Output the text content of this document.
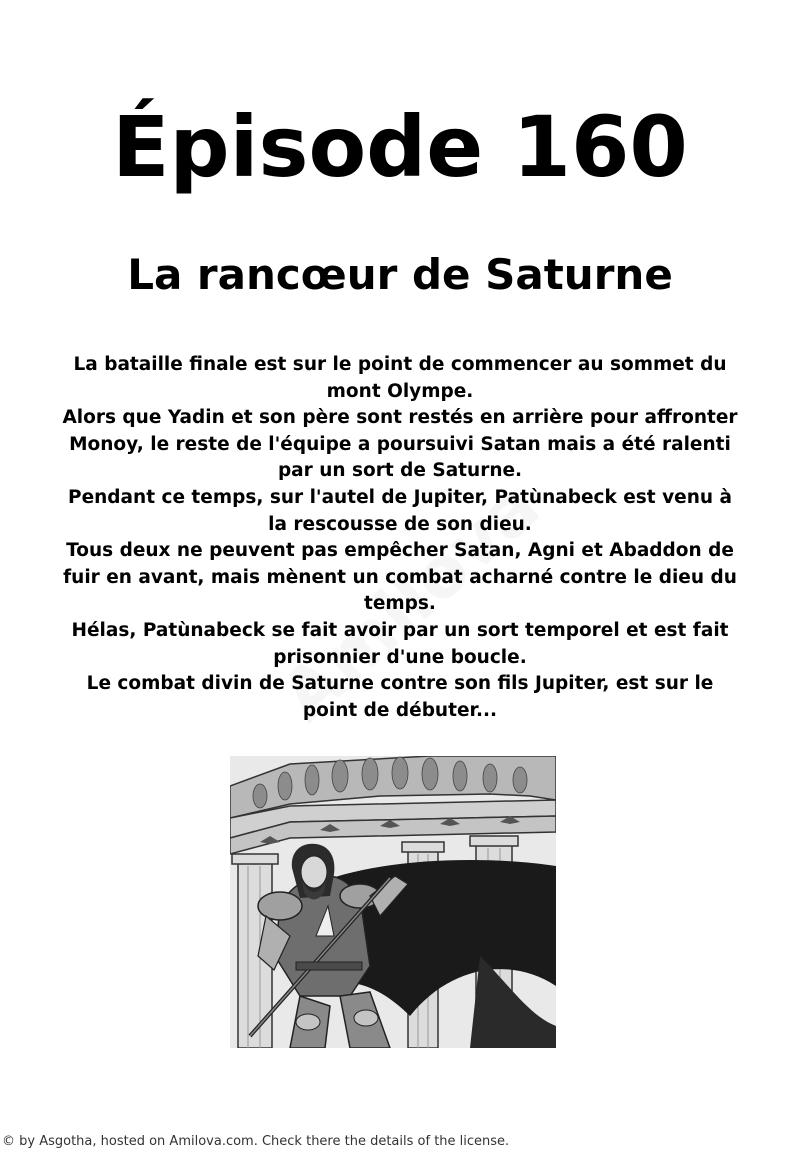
Épisode 160
La rancœur de Saturne

La bataille finale est sur le point de commencer au sommet du mont Olympe.

Alors que Yadin et son père sont restés en arrière pour affronter Monoy, le reste de l'équipe a poursuivi Satan mais a été ralenti par un sort de Saturne.

Pendant ce temps, sur l'autel de Jupiter, Patùnabeck est venu à la rescousse de son dieu.

Tous deux ne peuvent pas empêcher Satan, Agni et Abaddon de fuir en avant, mais mènent un combat acharné contre le dieu du temps.

Hélas, Patùnabeck se fait avoir par un sort temporel et est fait prisonnier d'une boucle.

Le combat divin de Saturne contre son fils Jupiter, est sur le point de débuter...

© by Asgotha, hosted on Amilova.com. Check there the details of the license.
